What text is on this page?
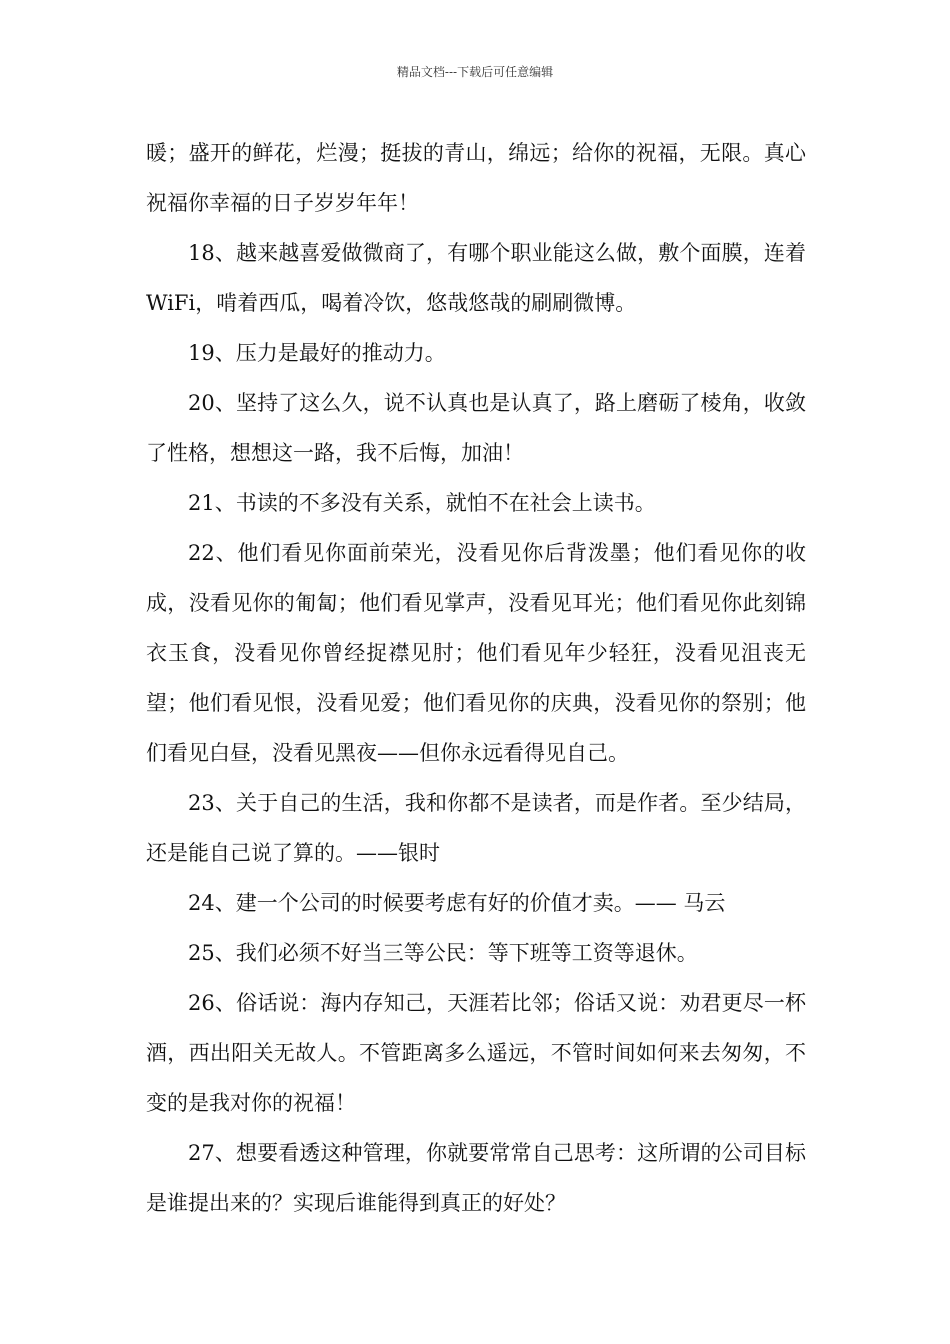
精品文档---下载后可任意编辑

暖；盛开的鲜花，烂漫；挺拔的青山，绵远；给你的祝福，无限。真心祝福你幸福的日子岁岁年年！

18、越来越喜爱做微商了，有哪个职业能这么做，敷个面膜，连着WiFi，啃着西瓜，喝着冷饮，悠哉悠哉的刷刷微博。

19、压力是最好的推动力。

20、坚持了这么久，说不认真也是认真了，路上磨砺了棱角，收敛了性格，想想这一路，我不后悔，加油！

21、书读的不多没有关系，就怕不在社会上读书。

22、他们看见你面前荣光，没看见你后背泼墨；他们看见你的收成，没看见你的匍匐；他们看见掌声，没看见耳光；他们看见你此刻锦衣玉食，没看见你曾经捉襟见肘；他们看见年少轻狂，没看见沮丧无望；他们看见恨，没看见爱；他们看见你的庆典，没看见你的祭别；他们看见白昼，没看见黑夜——但你永远看得见自己。

23、关于自己的生活，我和你都不是读者，而是作者。至少结局，还是能自己说了算的。——银时

24、建一个公司的时候要考虑有好的价值才卖。—— 马云

25、我们必须不好当三等公民：等下班等工资等退休。

26、俗话说：海内存知己，天涯若比邻；俗话又说：劝君更尽一杯酒，西出阳关无故人。不管距离多么遥远，不管时间如何来去匆匆，不变的是我对你的祝福！

27、想要看透这种管理，你就要常常自己思考：这所谓的公司目标是谁提出来的？实现后谁能得到真正的好处？
